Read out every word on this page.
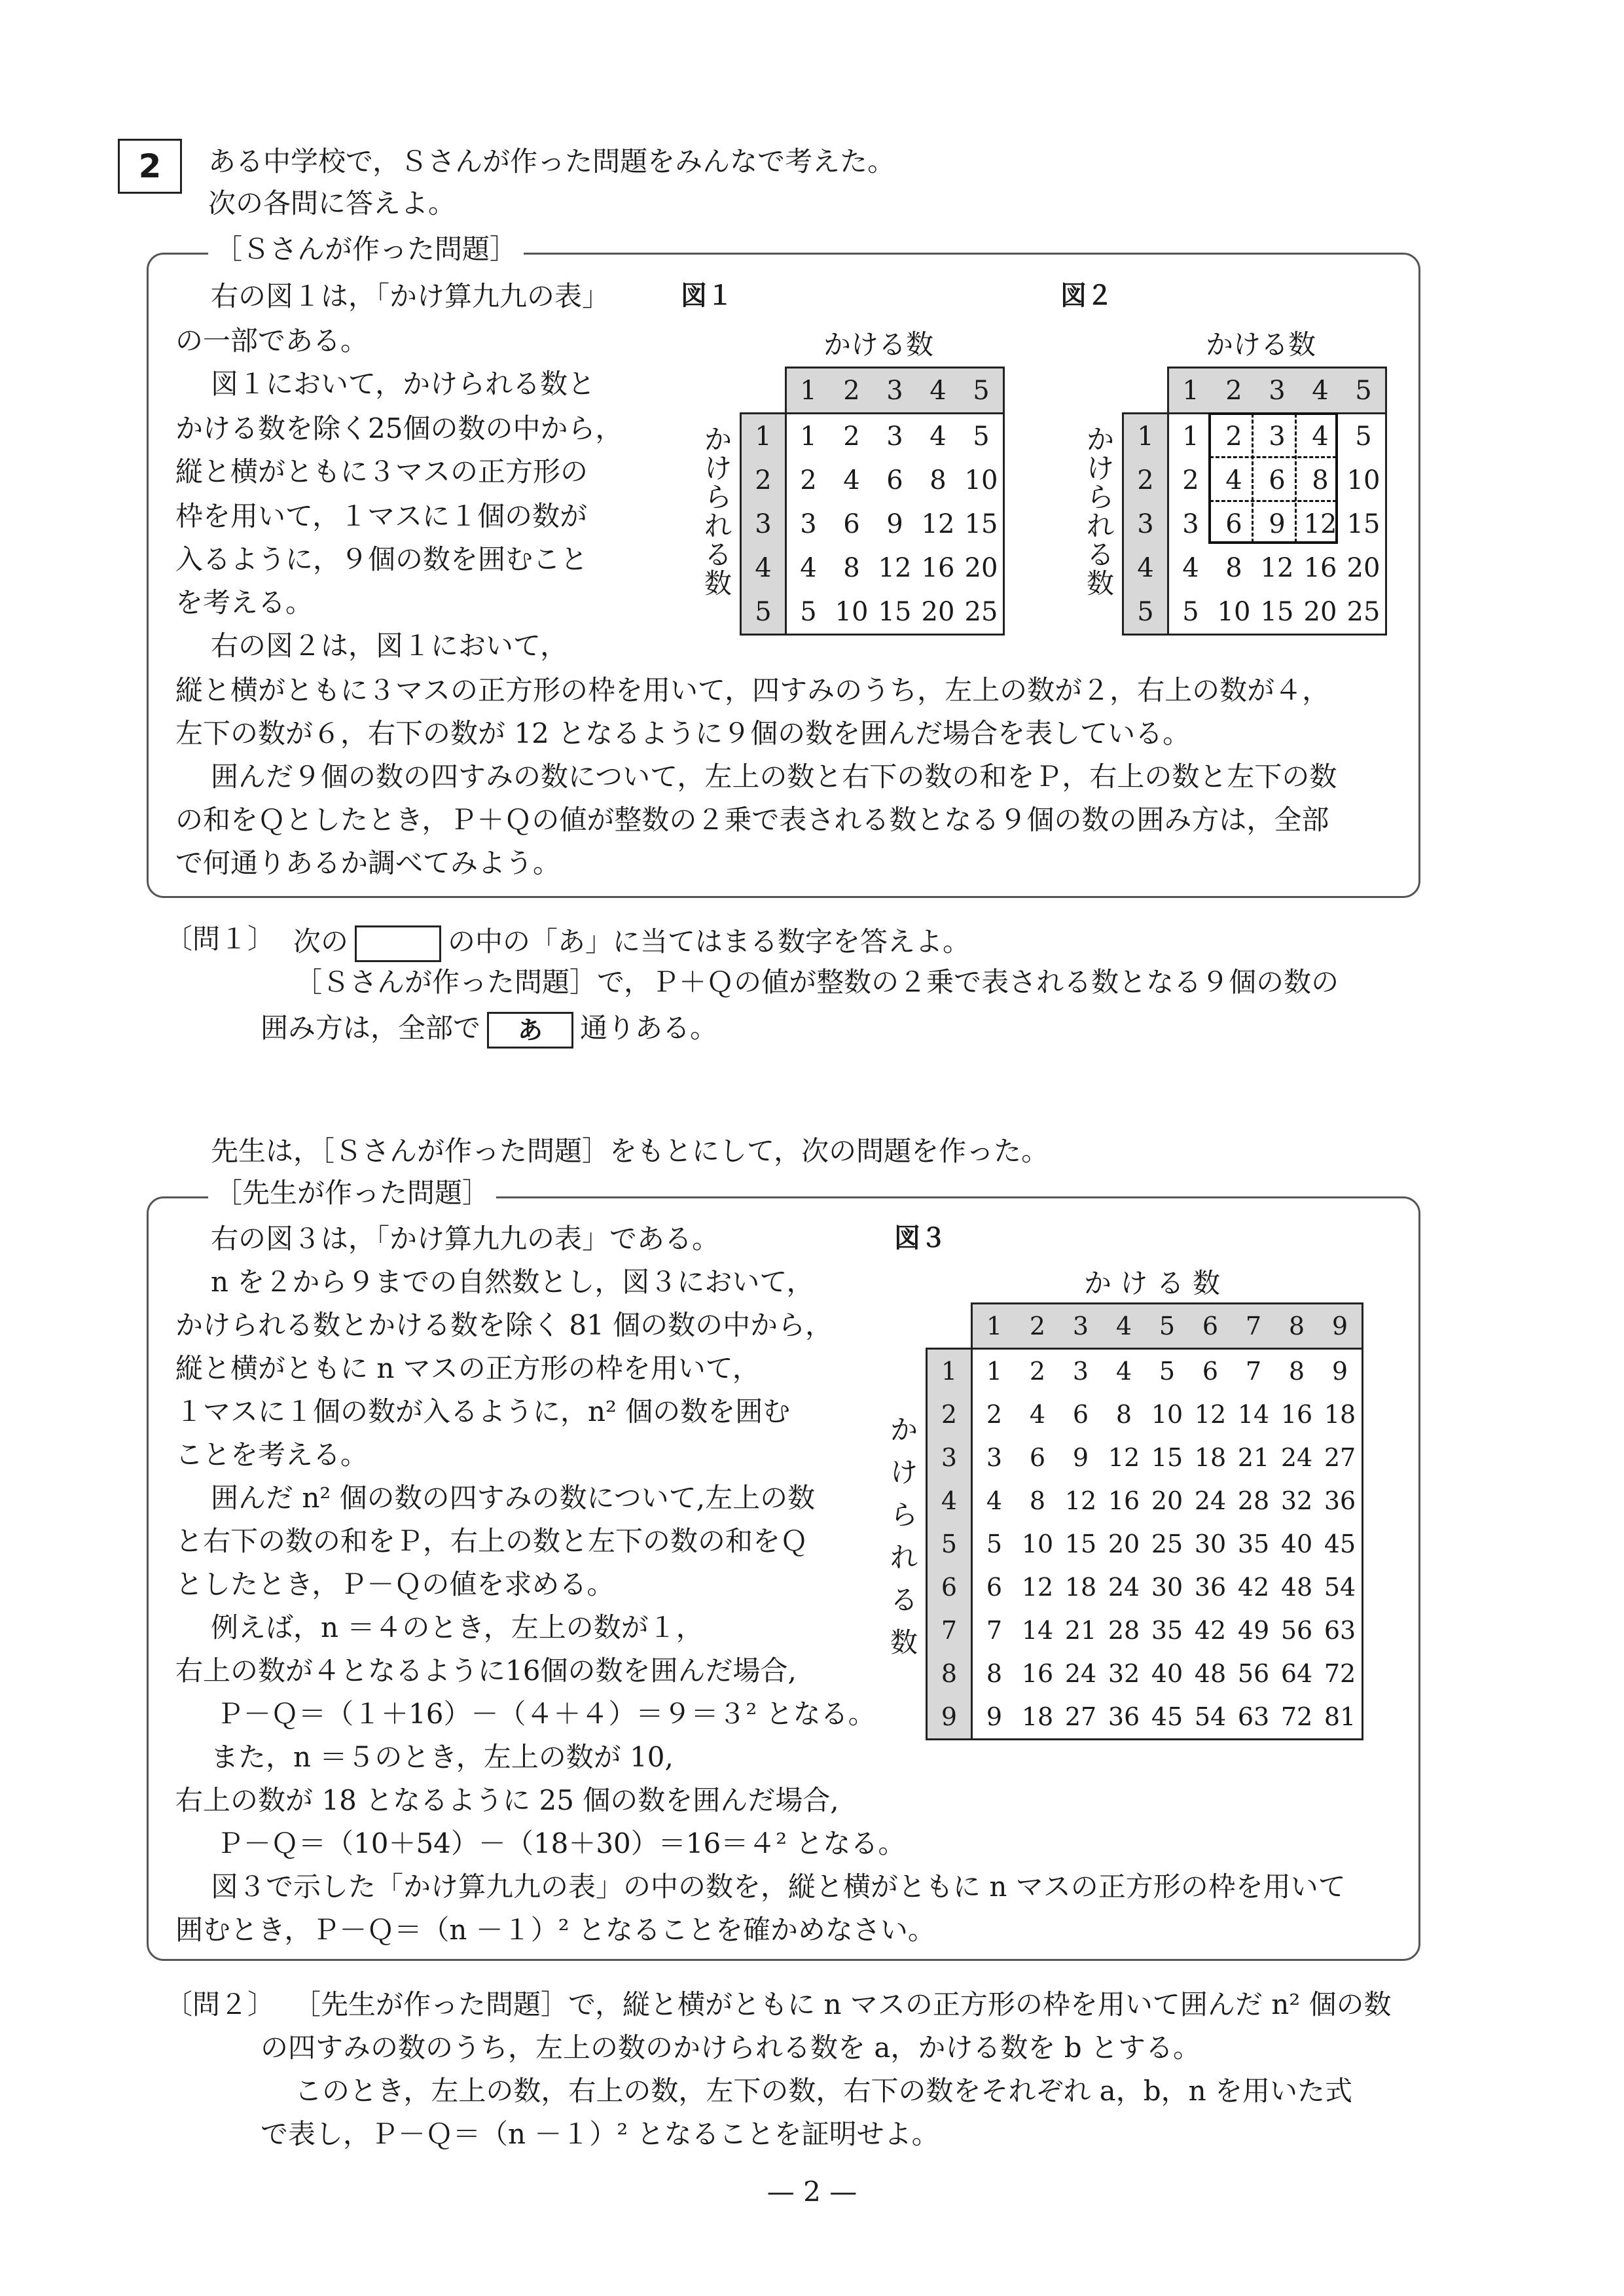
2	ある中学校で，Ｓさんが作った問題をみんなで考えた。
次の各問に答えよ。
［Ｓさんが作った問題］
右の図１は，「かけ算九九の表」
の一部である。
図１において，かけられる数と
かける数を除く25個の数の中から，
縦と横がともに３マスの正方形の
枠を用いて，１マスに１個の数が
入るように，９個の数を囲むこと
を考える。
右の図２は，図１において，
図１
かける数
か
け
ら
れ
る
数
	1	2	3	4	5
1	1	2	3	4	5
2	2	4	6	8	10
3	3	6	9	12	15
4	4	8	12	16	20
5	5	10	15	20	25
図２
かける数
か
け
ら
れ
る
数
	1	2	3	4	5
1	1	2	3	4	5
2	2	4	6	8	10
3	3	6	9	12	15
4	4	8	12	16	20
5	5	10	15	20	25
縦と横がともに３マスの正方形の枠を用いて，四すみのうち，左上の数が２，右上の数が４，
左下の数が６，右下の数が 12 となるように９個の数を囲んだ場合を表している。
囲んだ９個の数の四すみの数について，左上の数と右下の数の和をＰ，右上の数と左下の数
の和をＱとしたとき，Ｐ＋Ｑの値が整数の２乗で表される数となる９個の数の囲み方は，全部
で何通りあるか調べてみよう。
〔問１〕 次の	の中の「あ」に当てはまる数字を答えよ。
［Ｓさんが作った問題］で，Ｐ＋Ｑの値が整数の２乗で表される数となる９個の数の
囲み方は，全部で あ 通りある。
先生は，［Ｓさんが作った問題］をもとにして，次の問題を作った。
［先生が作った問題］
右の図３は，「かけ算九九の表」である。
n を２から９までの自然数とし，図３において，
かけられる数とかける数を除く 81 個の数の中から，
縦と横がともに n マスの正方形の枠を用いて，
１マスに１個の数が入るように，n² 個の数を囲む
ことを考える。
囲んだ n² 個の数の四すみの数について,左上の数
と右下の数の和をＰ，右上の数と左下の数の和をＱ
としたとき，Ｐ－Ｑの値を求める。
例えば，n ＝４のとき，左上の数が１，
右上の数が４となるように16個の数を囲んだ場合,
Ｐ－Ｑ＝（１＋16）－（４＋４）＝９＝３² となる。
また，n ＝５のとき，左上の数が 10,
右上の数が 18 となるように 25 個の数を囲んだ場合,
Ｐ－Ｑ＝（10＋54）－（18＋30）＝16＝４² となる。
図３で示した「かけ算九九の表」の中の数を，縦と横がともに n マスの正方形の枠を用いて
囲むとき，Ｐ－Ｑ＝（n －１）² となることを確かめなさい。
図３
か け る 数
か
け
ら
れ
る
数
	1	2	3	4	5	6	7	8	9
1	1	2	3	4	5	6	7	8	9
2	2	4	6	8	10	12	14	16	18
3	3	6	9	12	15	18	21	24	27
4	4	8	12	16	20	24	28	32	36
5	5	10	15	20	25	30	35	40	45
6	6	12	18	24	30	36	42	48	54
7	7	14	21	28	35	42	49	56	63
8	8	16	24	32	40	48	56	64	72
9	9	18	27	36	45	54	63	72	81
〔問２〕 ［先生が作った問題］で，縦と横がともに n マスの正方形の枠を用いて囲んだ n² 個の数
の四すみの数のうち，左上の数のかけられる数を a，かける数を b とする。
このとき，左上の数，右上の数，左下の数，右下の数をそれぞれ a，b，n を用いた式
で表し，Ｐ－Ｑ＝（n －１）² となることを証明せよ。
— 2 —
